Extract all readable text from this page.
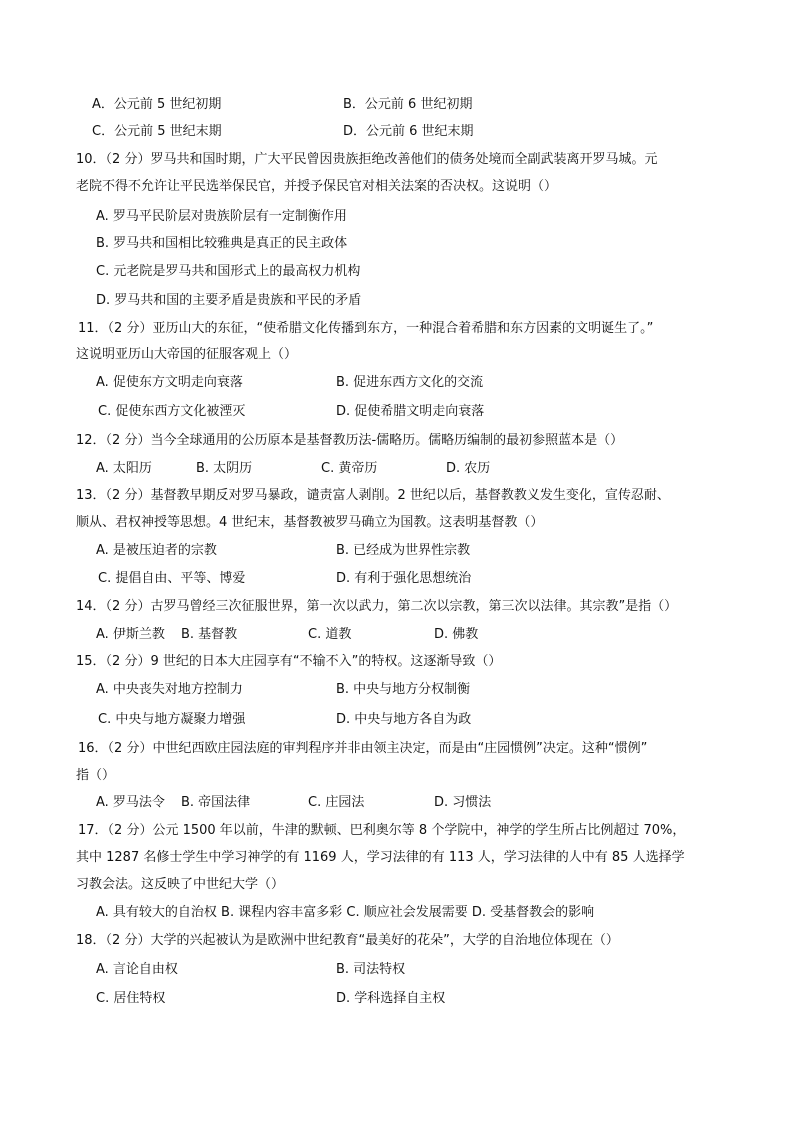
A．公元前 5 世纪初期	B．公元前 6 世纪初期
C．公元前 5 世纪末期	D．公元前 6 世纪末期
10．（2 分）罗马共和国时期，广大平民曾因贵族拒绝改善他们的债务处境而全副武装离开罗马城。元
老院不得不允许让平民选举保民官，并授予保民官对相关法案的否决权。这说明（）
A. 罗马平民阶层对贵族阶层有一定制衡作用
B. 罗马共和国相比较雅典是真正的民主政体
C. 元老院是罗马共和国形式上的最高权力机构
D. 罗马共和国的主要矛盾是贵族和平民的矛盾
11．（2 分）亚历山大的东征，“使希腊文化传播到东方，一种混合着希腊和东方因素的文明诞生了。”
这说明亚历山大帝国的征服客观上（）
A. 促使东方文明走向衰落	B. 促进东西方文化的交流
C. 促使东西方文化被湮灭	D. 促使希腊文明走向衰落
12．（2 分）当今全球通用的公历原本是基督教历法-儒略历。儒略历编制的最初参照蓝本是（）
A. 太阳历	B. 太阴历	C. 黄帝历	D. 农历
13．（2 分）基督教早期反对罗马暴政，谴责富人剥削。2 世纪以后，基督教教义发生变化，宣传忍耐、
顺从、君权神授等思想。4 世纪末，基督教被罗马确立为国教。这表明基督教（）
A. 是被压迫者的宗教	B. 已经成为世界性宗教
C. 提倡自由、平等、博爱	D. 有利于强化思想统治
14．（2 分）古罗马曾经三次征服世界，第一次以武力，第二次以宗教，第三次以法律。其宗教”是指（）
A. 伊斯兰教 B. 基督教	C. 道教	D. 佛教
15．（2 分）9 世纪的日本大庄园享有“不输不入”的特权。这逐渐导致（）
A. 中央丧失对地方控制力	B. 中央与地方分权制衡
C. 中央与地方凝聚力增强	D. 中央与地方各自为政
16．（2 分）中世纪西欧庄园法庭的审判程序并非由领主决定，而是由“庄园惯例”决定。这种“惯例”
指（）
A. 罗马法令 B. 帝国法律	C. 庄园法	D. 习惯法
17．（2 分）公元 1500 年以前，牛津的默顿、巴利奥尔等 8 个学院中，神学的学生所占比例超过 70%，
其中 1287 名修士学生中学习神学的有 1169 人，学习法律的有 113 人，学习法律的人中有 85 人选择学
习教会法。这反映了中世纪大学（）
A. 具有较大的自治权 B. 课程内容丰富多彩 C. 顺应社会发展需要 D. 受基督教会的影响
18．（2 分）大学的兴起被认为是欧洲中世纪教育“最美好的花朵”，大学的自治地位体现在（）
A. 言论自由权	B. 司法特权
C. 居住特权	D. 学科选择自主权
